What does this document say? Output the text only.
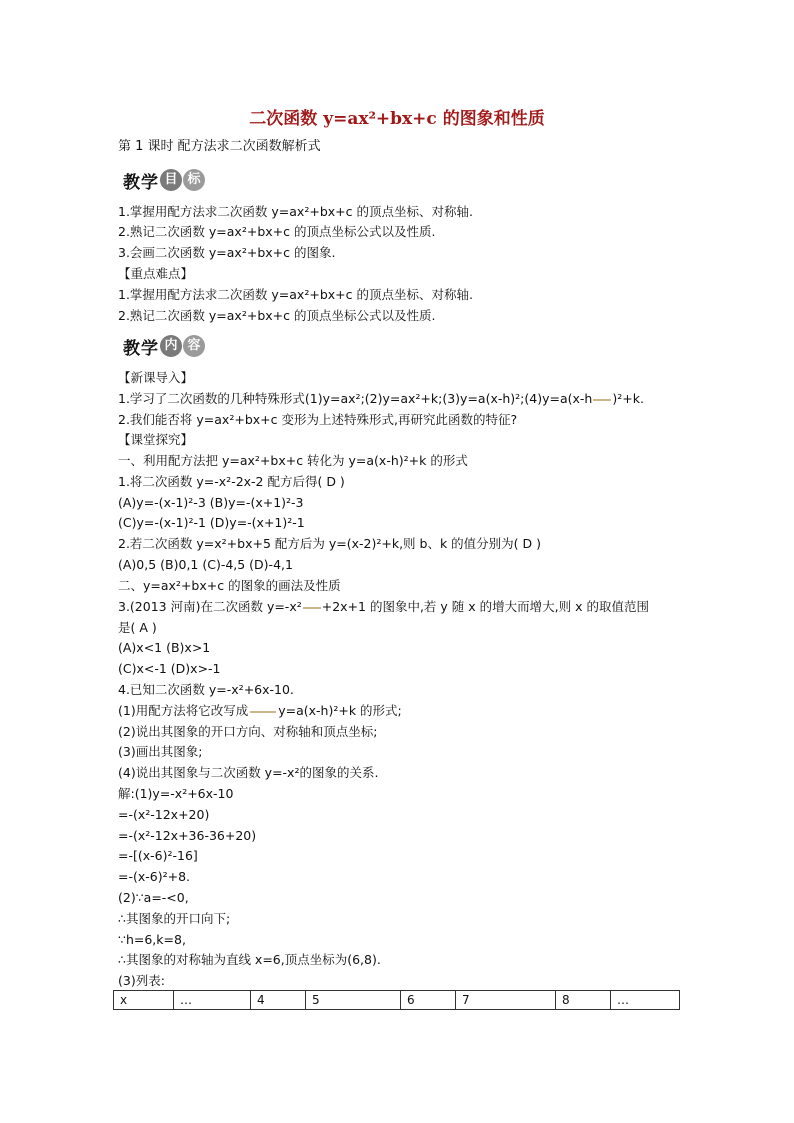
二次函数 y=ax²+bx+c 的图象和性质
第 1 课时 配方法求二次函数解析式
教学 目 标
1.掌握用配方法求二次函数 y=ax²+bx+c 的顶点坐标、对称轴.
2.熟记二次函数 y=ax²+bx+c 的顶点坐标公式以及性质.
3.会画二次函数 y=ax²+bx+c 的图象.
【重点难点】
1.掌握用配方法求二次函数 y=ax²+bx+c 的顶点坐标、对称轴.
2.熟记二次函数 y=ax²+bx+c 的顶点坐标公式以及性质.
教学 内 容
【新课导入】
1.学习了二次函数的几种特殊形式(1)y=ax²;(2)y=ax²+k;(3)y=a(x-h)²;(4)y=a(x-h )²+k.
2.我们能否将 y=ax²+bx+c 变形为上述特殊形式,再研究此函数的特征?
【课堂探究】
一、利用配方法把 y=ax²+bx+c 转化为 y=a(x-h)²+k 的形式
1.将二次函数 y=-x²-2x-2 配方后得( D )
(A)y=-(x-1)²-3 (B)y=-(x+1)²-3
(C)y=-(x-1)²-1 (D)y=-(x+1)²-1
2.若二次函数 y=x²+bx+5 配方后为 y=(x-2)²+k,则 b、k 的值分别为( D )
(A)0,5 (B)0,1 (C)-4,5 (D)-4,1
二、y=ax²+bx+c 的图象的画法及性质
3.(2013 河南)在二次函数 y=-x² +2x+1 的图象中,若 y 随 x 的增大而增大,则 x 的取值范围
是( A )
(A)x<1 (B)x>1
(C)x<-1 (D)x>-1
4.已知二次函数 y=-x²+6x-10.
(1)用配方法将它改写成 y=a(x-h)²+k 的形式;
(2)说出其图象的开口方向、对称轴和顶点坐标;
(3)画出其图象;
(4)说出其图象与二次函数 y=-x²的图象的关系.
解:(1)y=-x²+6x-10
=-(x²-12x+20)
=-(x²-12x+36-36+20)
=-[(x-6)²-16]
=-(x-6)²+8.
(2)∵a=-<0,
∴其图象的开口向下;
∵h=6,k=8,
∴其图象的对称轴为直线 x=6,顶点坐标为(6,8).
(3)列表:
x	…	4	5	6	7	8	…
